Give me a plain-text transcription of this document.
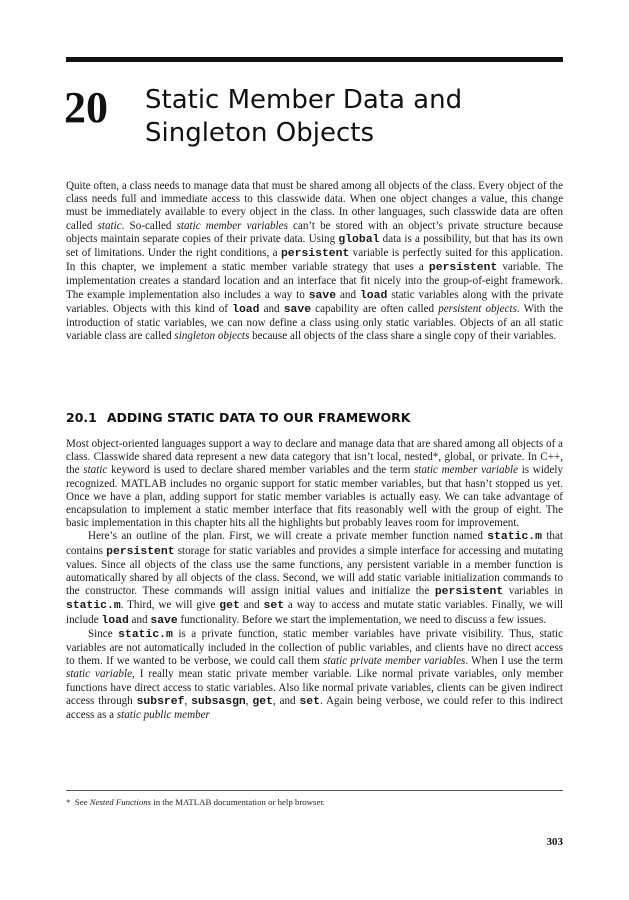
20 Static Member Data and
Singleton Objects

Quite often, a class needs to manage data that must be shared among all objects of the class. Every object of the class needs full and immediate access to this classwide data. When one object changes a value, this change must be immediately available to every object in the class. In other languages, such classwide data are often called static. So-called static member variables can’t be stored with an object’s private structure because objects maintain separate copies of their private data. Using global data is a possibility, but that has its own set of limitations. Under the right conditions, a persistent variable is perfectly suited for this application. In this chapter, we implement a static member variable strategy that uses a persistent variable. The implementation creates a standard location and an interface that fit nicely into the group-of-eight framework. The example implementation also includes a way to save and load static variables along with the private variables. Objects with this kind of load and save capability are often called persistent objects. With the introduction of static variables, we can now define a class using only static variables. Objects of an all static variable class are called singleton objects because all objects of the class share a single copy of their variables.

20.1 ADDING STATIC DATA TO OUR FRAMEWORK

Most object-oriented languages support a way to declare and manage data that are shared among all objects of a class. Classwide shared data represent a new data category that isn’t local, nested*, global, or private. In C++, the static keyword is used to declare shared member variables and the term static member variable is widely recognized. MATLAB includes no organic support for static member variables, but that hasn’t stopped us yet. Once we have a plan, adding support for static member variables is actually easy. We can take advantage of encapsulation to implement a static member interface that fits reasonably well with the group of eight. The basic implementation in this chapter hits all the highlights but probably leaves room for improvement.

Here’s an outline of the plan. First, we will create a private member function named static.m that contains persistent storage for static variables and provides a simple interface for accessing and mutating values. Since all objects of the class use the same functions, any persistent variable in a member function is automatically shared by all objects of the class. Second, we will add static variable initialization commands to the constructor. These commands will assign initial values and initialize the persistent variables in static.m. Third, we will give get and set a way to access and mutate static variables. Finally, we will include load and save functionality. Before we start the implementation, we need to discuss a few issues.

Since static.m is a private function, static member variables have private visibility. Thus, static variables are not automatically included in the collection of public variables, and clients have no direct access to them. If we wanted to be verbose, we could call them static private member variables. When I use the term static variable, I really mean static private member variable. Like normal private variables, only member functions have direct access to static variables. Also like normal private variables, clients can be given indirect access through subsref, subsasgn, get, and set. Again being verbose, we could refer to this indirect access as a static public member

* See Nested Functions in the MATLAB documentation or help browser.
303
